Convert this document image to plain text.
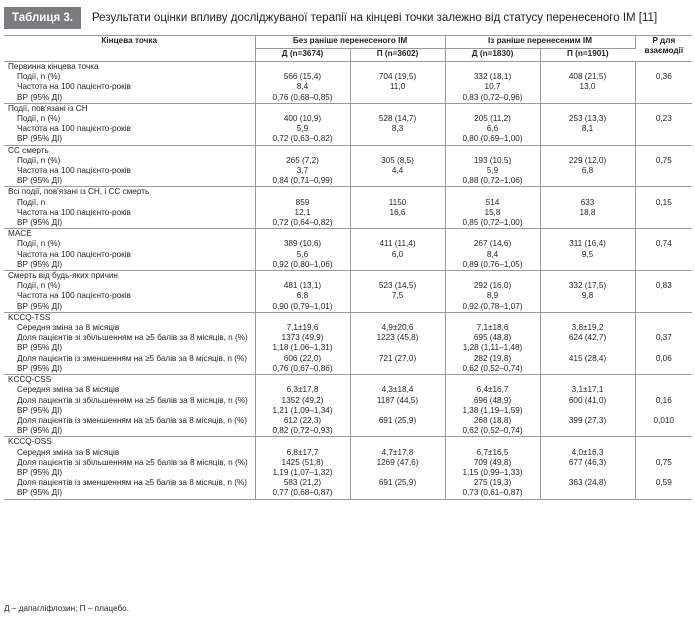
Таблиця 3.	Результати оцінки впливу досліджуваної терапії на кінцеві точки залежно від статусу перенесеного ІМ [11]
Кінцева точка	Без раніше перенесеного ІМ		Із раніше перенесеним ІМ		Р для взаємодії
	Д (n=3674)	П (n=3602)	Д (n=1830)	П (n=1901)	
Первинна кінцева точка					
Події, n (%)	566 (15,4)	704 (19,5)	332 (18,1)	408 (21,5)	0,36
Частота на 100 пацієнто-років	8,4	11,0	10,7	13,0	
ВР (95% ДІ)	0,76 (0,68–0,85)		0,83 (0,72–0,96)		
Події, пов'язані із СН					
Події, n (%)	400 (10,9)	528 (14,7)	205 (11,2)	253 (13,3)	0,23
Частота на 100 пацієнто-років	5,9	8,3	6,6	8,1	
ВР (95% ДІ)	0,72 (0,63–0,82)		0,80 (0,69–1,00)		
СС смерть					
Події, n (%)	265 (7,2)	305 (8,5)	193 (10,5)	229 (12,0)	0,75
Частота на 100 пацієнто-років	3,7	4,4	5,9	6,8	
ВР (95% ДІ)	0,84 (0,71–0,99)		0,88 (0,72–1,06)		
Всі події, пов'язані із СН, і СС смерть					
Події, n	859	1150	514	633	0,15
Частота на 100 пацієнто-років	12,1	16,6	15,8	18,8	
ВР (95% ДІ)	0,72 (0,64–0,82)		0,85 (0,72–1,00)		
MACE					
Події, n (%)	389 (10,6)	411 (11,4)	267 (14,6)	311 (16,4)	0,74
Частота на 100 пацієнто-років	5,6	6,0	8,4	9,5	
ВР (95% ДІ)	0,92 (0,80–1,06)		0,89 (0,76–1,05)		
Смерть від будь-яких причин					
Події, n (%)	481 (13,1)	523 (14,5)	292 (16,0)	332 (17,5)	0,83
Частота на 100 пацієнто-років	6,8	7,5	8,9	9,8	
ВР (95% ДІ)	0,90 (0,79–1,01)		0,92 (0,78–1,07)		
KCCQ-TSS					
Середня зміна за 8 місяців	7,1±19,6	4,9±20,6	7,1±18,6	3,8±19,2	
Доля пацієнтів зі збільшенням на ≥5 балів за 8 місяців, n (%)	1373 (49,9)	1223 (45,8)	695 (48,8)	624 (42,7)	0,37
ВР (95% ДІ)	1,18 (1,06–1,31)		1,28 (1,11–1,48)		
Доля пацієнтів із зменшенням на ≥5 балів за 8 місяців, n (%)	606 (22,0)	721 (27,0)	282 (19,8)	415 (28,4)	0,06
ВР (95% ДІ)	0,76 (0,67–0,86)		0,62 (0,52–0,74)		
KCCQ-CSS					
Середня зміна за 8 місяців	6,3±17,8	4,3±18,4	6,4±16,7	3,1±17,1	
Доля пацієнтів зі збільшенням на ≥5 балів за 8 місяців, n (%)	1352 (49,2)	1187 (44,5)	696 (48,9)	600 (41,0)	0,16
ВР (95% ДІ)	1,21 (1,09–1,34)		1,38 (1,19–1,59)		
Доля пацієнтів із зменшенням на ≥5 балів за 8 місяців, n (%)	612 (22,3)	691 (25,9)	268 (18,8)	399 (27,3)	0,010
ВР (95% ДІ)	0,82 (0,72–0,93)		0,62 (0,52–0,74)		
KCCQ-OSS					
Середня зміна за 8 місяців	6,8±17,7	4,7±17,8	6,7±16,5	4,0±16,3	
Доля пацієнтів зі збільшенням на ≥5 балів за 8 місяців, n (%)	1425 (51,8)	1269 (47,6)	709 (49,8)	677 (46,3)	0,75
ВР (95% ДІ)	1,19 (1,07–1,32)		1,15 (0,99–1,33)		
Доля пацієнтів із зменшенням на ≥5 балів за 8 місяців, n (%)	583 (21,2)	691 (25,9)	275 (19,3)	363 (24,8)	0,59
ВР (95% ДІ)	0,77 (0,68–0,87)		0,73 (0,61–0,87)		
Д – дапагліфлозин; П – плацебо.
